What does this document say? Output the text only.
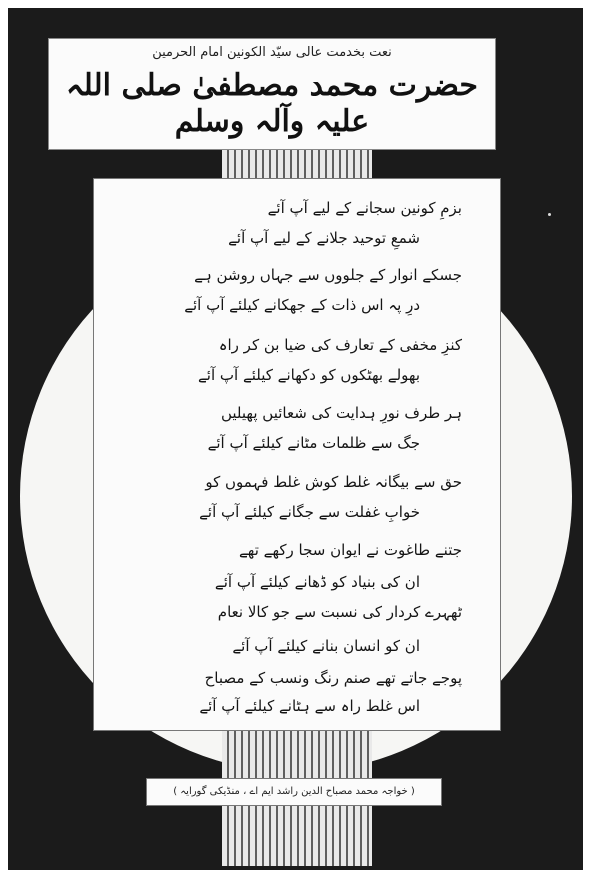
نعت بخدمت عالی سیّد الکونین امام الحرمین
حضرت محمد مصطفیٰ صلی اللہ علیہ وآلہ وسلم
بزمِ کونین سجانے کے لیے آپ آئے
شمعِ توحید جلانے کے لیے آپ آئے
جسکے انوار کے جلووں سے جہاں روشن ہے
درِ پہ اس ذات کے جھکانے کیلئے آپ آئے
کنزِ مخفی کے تعارف کی ضیا بن کر راہ
بھولے بھٹکوں کو دکھانے کیلئے آپ آئے
ہر طرف نورِ ہدایت کی شعائیں پھیلیں
جگ سے ظلمات مٹانے کیلئے آپ آئے
حق سے بیگانہ غلط کوش غلط فہموں کو
خوابِ غفلت سے جگانے کیلئے آپ آئے
جتنے طاغوت نے ایوان سجا رکھے تھے
ان کی بنیاد کو ڈھانے کیلئے آپ آئے
ٹھہرے کردار کی نسبت سے جو کالا نعام
ان کو انسان بنانے کیلئے آپ آئے
پوجے جاتے تھے صنم رنگ ونسب کے مصباح
اس غلط راہ سے ہٹانے کیلئے آپ آئے
( خواجہ محمد مصباح الدین راشد ایم اے ، منڈیکی گورایہ )
